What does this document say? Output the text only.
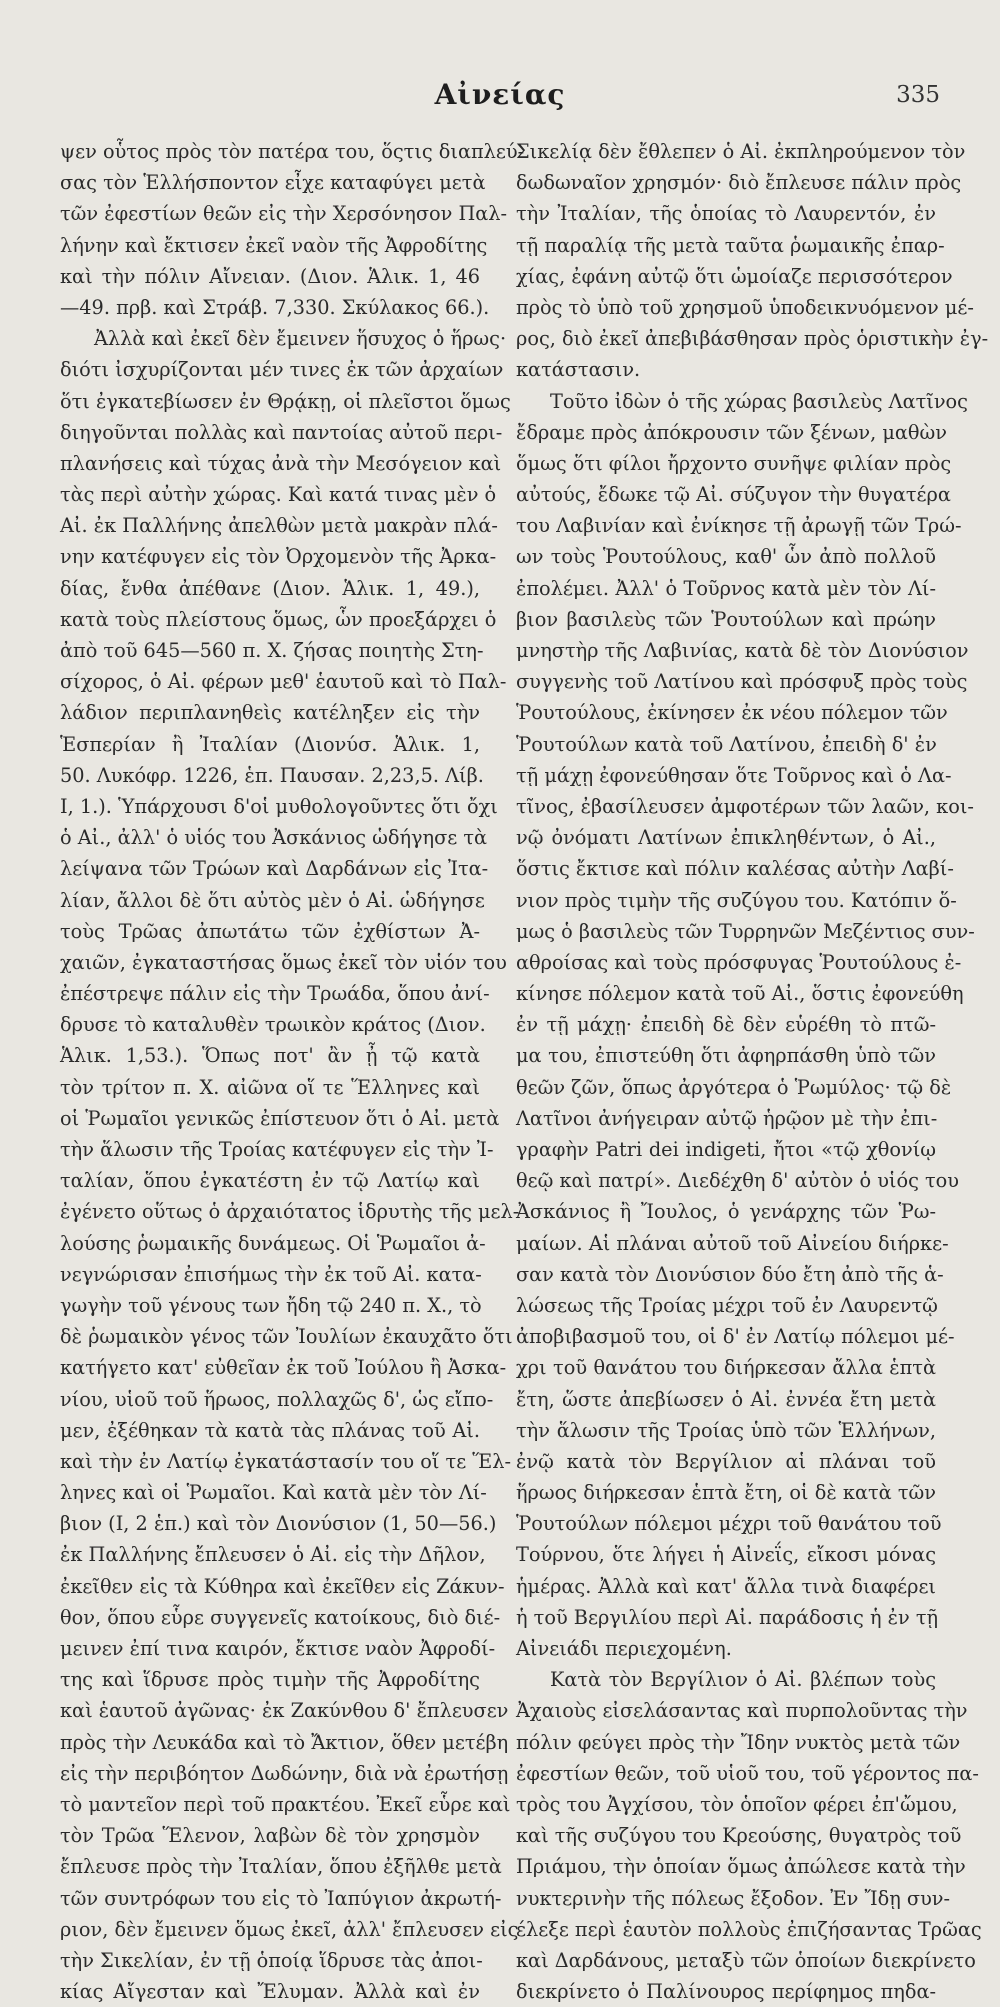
Αἰνείας	335
ψεν οὗτος πρὸς τὸν πατέρα του, ὅςτις διαπλεύ-
σας τὸν Ἑλλήσποντον εἶχε καταφύγει μετὰ
τῶν ἐφεστίων θεῶν εἰς τὴν Χερσόνησον Παλ-
λήνην καὶ ἔκτισεν ἐκεῖ ναὸν τῆς Ἀφροδίτης
καὶ τὴν πόλιν Αἴνειαν. (Διον. Ἁλικ. 1, 46
—49. πρβ. καὶ Στράβ. 7,330. Σκύλακος 66.).
Ἀλλὰ καὶ ἐκεῖ δὲν ἔμεινεν ἥσυχος ὁ ἥρως·
διότι ἰσχυρίζονται μέν τινες ἐκ τῶν ἀρχαίων
ὅτι ἐγκατεβίωσεν ἐν Θρᾴκῃ, οἱ πλεῖστοι ὅμως
διηγοῦνται πολλὰς καὶ παντοίας αὐτοῦ περι-
πλανήσεις καὶ τύχας ἀνὰ τὴν Μεσόγειον καὶ
τὰς περὶ αὐτὴν χώρας. Καὶ κατά τινας μὲν ὁ
Αἰ. ἐκ Παλλήνης ἀπελθὼν μετὰ μακρὰν πλά-
νην κατέφυγεν εἰς τὸν Ὀρχομενὸν τῆς Ἀρκα-
δίας, ἔνθα ἀπέθανε (Διον. Ἁλικ. 1, 49.),
κατὰ τοὺς πλείστους ὅμως, ὧν προεξάρχει ὁ
ἀπὸ τοῦ 645—560 π. Χ. ζήσας ποιητὴς Στη-
σίχορος, ὁ Αἰ. φέρων μεθ' ἑαυτοῦ καὶ τὸ Παλ-
λάδιον περιπλανηθεὶς κατέληξεν εἰς τὴν
Ἑσπερίαν ἢ Ἰταλίαν (Διονύσ. Ἁλικ. 1,
50. Λυκόφρ. 1226, ἑπ. Παυσαν. 2,23,5. Λίβ.
Ι, 1.). Ὑπάρχουσι δ'οἱ μυθολογοῦντες ὅτι ὄχι
ὁ Αἰ., ἀλλ' ὁ υἱός του Ἀσκάνιος ὡδήγησε τὰ
λείψανα τῶν Τρώων καὶ Δαρδάνων εἰς Ἰτα-
λίαν, ἄλλοι δὲ ὅτι αὐτὸς μὲν ὁ Αἰ. ὡδήγησε
τοὺς Τρῶας ἀπωτάτω τῶν ἐχθίστων Ἀ-
χαιῶν, ἐγκαταστήσας ὅμως ἐκεῖ τὸν υἱόν του
ἐπέστρεψε πάλιν εἰς τὴν Τρωάδα, ὅπου ἀνί-
δρυσε τὸ καταλυθὲν τρωικὸν κράτος (Διον.
Ἁλικ. 1,53.). Ὅπως ποτ' ἂν ᾖ τῷ κατὰ
τὸν τρίτον π. Χ. αἰῶνα οἵ τε Ἕλληνες καὶ
οἱ Ῥωμαῖοι γενικῶς ἐπίστευον ὅτι ὁ Αἰ. μετὰ
τὴν ἅλωσιν τῆς Τροίας κατέφυγεν εἰς τὴν Ἰ-
ταλίαν, ὅπου ἐγκατέστη ἐν τῷ Λατίῳ καὶ
ἐγένετο οὕτως ὁ ἀρχαιότατος ἱδρυτὴς τῆς μελ-
λούσης ῥωμαικῆς δυνάμεως. Οἱ Ῥωμαῖοι ἀ-
νεγνώρισαν ἐπισήμως τὴν ἐκ τοῦ Αἰ. κατα-
γωγὴν τοῦ γένους των ἤδη τῷ 240 π. Χ., τὸ
δὲ ῥωμαικὸν γένος τῶν Ἰουλίων ἐκαυχᾶτο ὅτι
κατήγετο κατ' εὐθεῖαν ἐκ τοῦ Ἰούλου ἢ Ἀσκα-
νίου, υἱοῦ τοῦ ἥρωος, πολλαχῶς δ', ὡς εἴπο-
μεν, ἐξέθηκαν τὰ κατὰ τὰς πλάνας τοῦ Αἰ.
καὶ τὴν ἐν Λατίῳ ἐγκατάστασίν του οἵ τε Ἕλ-
ληνες καὶ οἱ Ῥωμαῖοι. Καὶ κατὰ μὲν τὸν Λί-
βιον (Ι, 2 ἑπ.) καὶ τὸν Διονύσιον (1, 50—56.)
ἐκ Παλλήνης ἔπλευσεν ὁ Αἰ. εἰς τὴν Δῆλον,
ἐκεῖθεν εἰς τὰ Κύθηρα καὶ ἐκεῖθεν εἰς Ζάκυν-
θον, ὅπου εὗρε συγγενεῖς κατοίκους, διὸ διέ-
μεινεν ἐπί τινα καιρόν, ἔκτισε ναὸν Ἀφροδί-
της καὶ ἵδρυσε πρὸς τιμὴν τῆς Ἀφροδίτης
καὶ ἑαυτοῦ ἀγῶνας· ἐκ Ζακύνθου δ' ἔπλευσεν
πρὸς τὴν Λευκάδα καὶ τὸ Ἄκτιον, ὅθεν μετέβη
εἰς τὴν περιβόητον Δωδώνην, διὰ νὰ ἐρωτήσῃ
τὸ μαντεῖον περὶ τοῦ πρακτέου. Ἐκεῖ εὗρε καὶ
τὸν Τρῶα Ἕλενον, λαβὼν δὲ τὸν χρησμὸν
ἔπλευσε πρὸς τὴν Ἰταλίαν, ὅπου ἐξῆλθε μετὰ
τῶν συντρόφων του εἰς τὸ Ἰαπύγιον ἀκρωτή-
ριον, δὲν ἔμεινεν ὅμως ἐκεῖ, ἀλλ' ἔπλευσεν εἰς
τὴν Σικελίαν, ἐν τῇ ὁποίᾳ ἵδρυσε τὰς ἀποι-
κίας Αἴγεσταν καὶ Ἔλυμαν. Ἀλλὰ καὶ ἐν
Σικελίᾳ δὲν ἔθλεπεν ὁ Αἰ. ἐκπληρούμενον τὸν
δωδωναῖον χρησμόν· διὸ ἔπλευσε πάλιν πρὸς
τὴν Ἰταλίαν, τῆς ὁποίας τὸ Λαυρεντόν, ἐν
τῇ παραλίᾳ τῆς μετὰ ταῦτα ῥωμαικῆς ἐπαρ-
χίας, ἐφάνη αὐτῷ ὅτι ὡμοίαζε περισσότερον
πρὸς τὸ ὑπὸ τοῦ χρησμοῦ ὑποδεικνυόμενον μέ-
ρος, διὸ ἐκεῖ ἀπεβιβάσθησαν πρὸς ὁριστικὴν ἐγ-
κατάστασιν.
Τοῦτο ἰδὼν ὁ τῆς χώρας βασιλεὺς Λατῖνος
ἔδραμε πρὸς ἀπόκρουσιν τῶν ξένων, μαθὼν
ὅμως ὅτι φίλοι ἤρχοντο συνῆψε φιλίαν πρὸς
αὐτούς, ἔδωκε τῷ Αἰ. σύζυγον τὴν θυγατέρα
του Λαβινίαν καὶ ἐνίκησε τῇ ἀρωγῇ τῶν Τρώ-
ων τοὺς Ῥουτούλους, καθ' ὧν ἀπὸ πολλοῦ
ἐπολέμει. Ἀλλ' ὁ Τοῦρνος κατὰ μὲν τὸν Λί-
βιον βασιλεὺς τῶν Ῥουτούλων καὶ πρώην
μνηστὴρ τῆς Λαβινίας, κατὰ δὲ τὸν Διονύσιον
συγγενὴς τοῦ Λατίνου καὶ πρόσφυξ πρὸς τοὺς
Ῥουτούλους, ἐκίνησεν ἐκ νέου πόλεμον τῶν
Ῥουτούλων κατὰ τοῦ Λατίνου, ἐπειδὴ δ' ἐν
τῇ μάχῃ ἐφονεύθησαν ὅτε Τοῦρνος καὶ ὁ Λα-
τῖνος, ἐβασίλευσεν ἀμφοτέρων τῶν λαῶν, κοι-
νῷ ὀνόματι Λατίνων ἐπικληθέντων, ὁ Αἰ.,
ὅστις ἔκτισε καὶ πόλιν καλέσας αὐτὴν Λαβί-
νιον πρὸς τιμὴν τῆς συζύγου του. Κατόπιν ὅ-
μως ὁ βασιλεὺς τῶν Τυρρηνῶν Μεζέντιος συν-
αθροίσας καὶ τοὺς πρόσφυγας Ῥουτούλους ἐ-
κίνησε πόλεμον κατὰ τοῦ Αἰ., ὅστις ἐφονεύθη
ἐν τῇ μάχῃ· ἐπειδὴ δὲ δὲν εὑρέθη τὸ πτῶ-
μα του, ἐπιστεύθη ὅτι ἀφηρπάσθη ὑπὸ τῶν
θεῶν ζῶν, ὅπως ἀργότερα ὁ Ῥωμύλος· τῷ δὲ
Λατῖνοι ἀνήγειραν αὐτῷ ἡρῷον μὲ τὴν ἐπι-
γραφὴν Patri dei indigeti, ἤτοι «τῷ χθονίῳ
θεῷ καὶ πατρί». Διεδέχθη δ' αὐτὸν ὁ υἱός του
Ἀσκάνιος ἢ Ἴουλος, ὁ γενάρχης τῶν Ῥω-
μαίων. Αἱ πλάναι αὐτοῦ τοῦ Αἰνείου διήρκε-
σαν κατὰ τὸν Διονύσιον δύο ἔτη ἀπὸ τῆς ἁ-
λώσεως τῆς Τροίας μέχρι τοῦ ἐν Λαυρεντῷ
ἀποβιβασμοῦ του, οἱ δ' ἐν Λατίῳ πόλεμοι μέ-
χρι τοῦ θανάτου του διήρκεσαν ἄλλα ἑπτὰ
ἔτη, ὥστε ἀπεβίωσεν ὁ Αἰ. ἐννέα ἔτη μετὰ
τὴν ἅλωσιν τῆς Τροίας ὑπὸ τῶν Ἑλλήνων,
ἐνῷ κατὰ τὸν Βεργίλιον αἱ πλάναι τοῦ
ἥρωος διήρκεσαν ἑπτὰ ἔτη, οἱ δὲ κατὰ τῶν
Ῥουτούλων πόλεμοι μέχρι τοῦ θανάτου τοῦ
Τούρνου, ὅτε λήγει ἡ Αἰνεΐς, εἴκοσι μόνας
ἡμέρας. Ἀλλὰ καὶ κατ' ἄλλα τινὰ διαφέρει
ἡ τοῦ Βεργιλίου περὶ Αἰ. παράδοσις ἡ ἐν τῇ
Αἰνειάδι περιεχομένη.
Κατὰ τὸν Βεργίλιον ὁ Αἰ. βλέπων τοὺς
Ἀχαιοὺς εἰσελάσαντας καὶ πυρπολοῦντας τὴν
πόλιν φεύγει πρὸς τὴν Ἴδην νυκτὸς μετὰ τῶν
ἐφεστίων θεῶν, τοῦ υἱοῦ του, τοῦ γέροντος πα-
τρὸς του Ἀγχίσου, τὸν ὁποῖον φέρει ἐπ'ὤμου,
καὶ τῆς συζύγου του Κρεούσης, θυγατρὸς τοῦ
Πριάμου, τὴν ὁποίαν ὅμως ἀπώλεσε κατὰ τὴν
νυκτερινὴν τῆς πόλεως ἔξοδον. Ἐν Ἴδῃ συν-
έλεξε περὶ ἑαυτὸν πολλοὺς ἐπιζήσαντας Τρῶας
καὶ Δαρδάνους, μεταξὺ τῶν ὁποίων διεκρίνετο
διεκρίνετο ὁ Παλίνουρος περίφημος πηδα-
